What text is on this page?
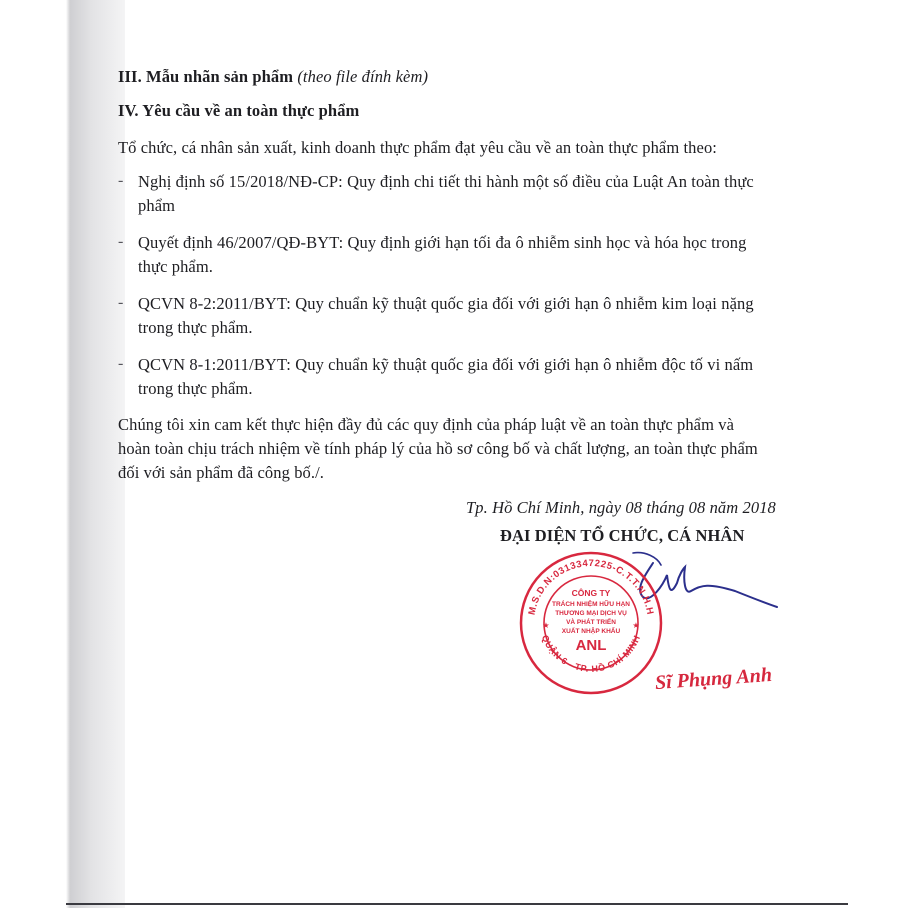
III. Mẫu nhãn sản phẩm (theo file đính kèm)
IV. Yêu cầu về an toàn thực phẩm
Tổ chức, cá nhân sản xuất, kinh doanh thực phẩm đạt yêu cầu về an toàn thực phẩm theo:
- Nghị định số 15/2018/NĐ-CP: Quy định chi tiết thi hành một số điều của Luật An toàn thực
phẩm
- Quyết định 46/2007/QĐ-BYT: Quy định giới hạn tối đa ô nhiễm sinh học và hóa học trong
thực phẩm.
- QCVN 8-2:2011/BYT: Quy chuẩn kỹ thuật quốc gia đối với giới hạn ô nhiễm kim loại nặng
trong thực phẩm.
- QCVN 8-1:2011/BYT: Quy chuẩn kỹ thuật quốc gia đối với giới hạn ô nhiễm độc tố vi nấm
trong thực phẩm.
Chúng tôi xin cam kết thực hiện đầy đủ các quy định của pháp luật về an toàn thực phẩm và
hoàn toàn chịu trách nhiệm về tính pháp lý của hồ sơ công bố và chất lượng, an toàn thực phẩm
đối với sản phẩm đã công bố./.
Tp. Hồ Chí Minh, ngày 08 tháng 08 năm 2018
ĐẠI DIỆN TỔ CHỨC, CÁ NHÂN
M.S.D.N:0313347225-C.T.T.N.H.H
QUẬN 6 - TP. HỒ CHÍ MINH
CÔNG TY
TRÁCH NHIỆM HỮU HẠN
THƯƠNG MẠI DỊCH VỤ
VÀ PHÁT TRIỂN
XUẤT NHẬP KHẨU
ANL
★	★
Sĩ Phụng Anh
